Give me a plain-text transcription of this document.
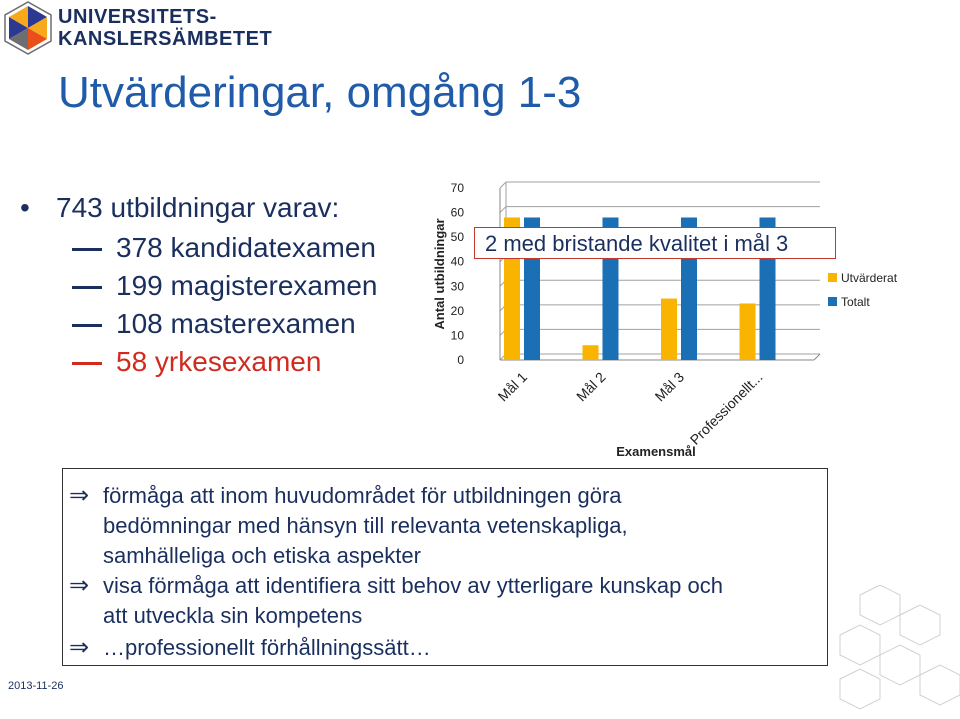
UNIVERSITETS-
KANSLERSÄMBETET
Utvärderingar, omgång 1-3
• 743 utbildningar varav:
378 kandidatexamen
199 magisterexamen
108 masterexamen
58 yrkesexamen	0
10
20
30
40
50
60
70
Antal utbildningar
Mål 1	Mål 2	Mål 3 Professionellt...
Examensmål
Utvärderat
Totalt
2 med bristande kvalitet i mål 3
⇒ förmåga att inom huvudområdet för utbildningen göra
bedömningar med hänsyn till relevanta vetenskapliga,
samhälleliga och etiska aspekter
⇒ visa förmåga att identifiera sitt behov av ytterligare kunskap och
att utveckla sin kompetens
⇒ …professionellt förhållningssätt…
2013-11-26
